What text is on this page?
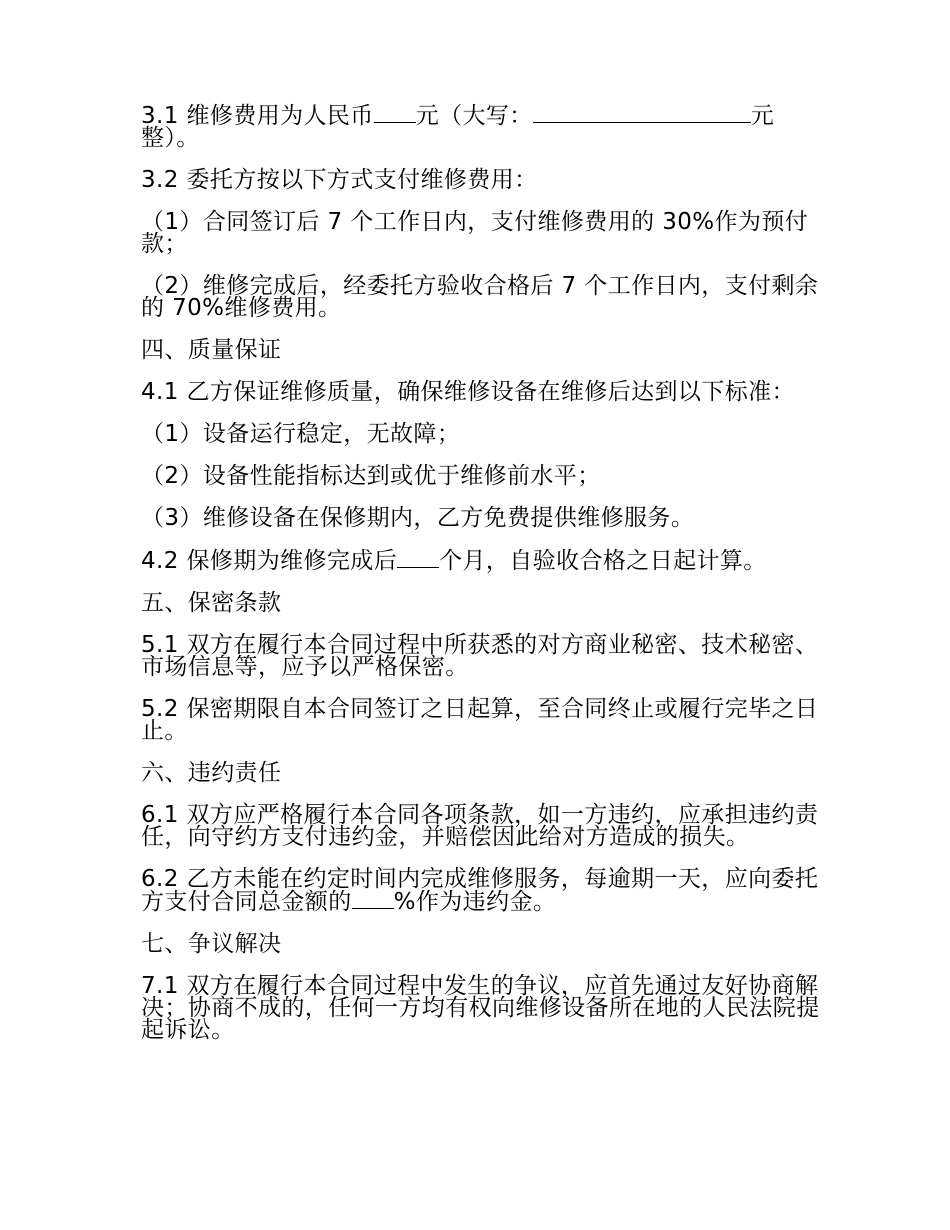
3.1 维修费用为人民币 元（大写：	元整）。

3.2 委托方按以下方式支付维修费用：

（1）合同签订后 7 个工作日内，支付维修费用的 30%作为预付款；

（2）维修完成后，经委托方验收合格后 7 个工作日内，支付剩余的 70%维修费用。

四、质量保证

4.1 乙方保证维修质量，确保维修设备在维修后达到以下标准：

（1）设备运行稳定，无故障；

（2）设备性能指标达到或优于维修前水平；

（3）维修设备在保修期内，乙方免费提供维修服务。

4.2 保修期为维修完成后 个月，自验收合格之日起计算。

五、保密条款

5.1 双方在履行本合同过程中所获悉的对方商业秘密、技术秘密、市场信息等，应予以严格保密。

5.2 保密期限自本合同签订之日起算，至合同终止或履行完毕之日止。

六、违约责任

6.1 双方应严格履行本合同各项条款，如一方违约，应承担违约责任，向守约方支付违约金，并赔偿因此给对方造成的损失。

6.2 乙方未能在约定时间内完成维修服务，每逾期一天，应向委托方支付合同总金额的 %作为违约金。

七、争议解决

7.1 双方在履行本合同过程中发生的争议，应首先通过友好协商解决；协商不成的，任何一方均有权向维修设备所在地的人民法院提起诉讼。
